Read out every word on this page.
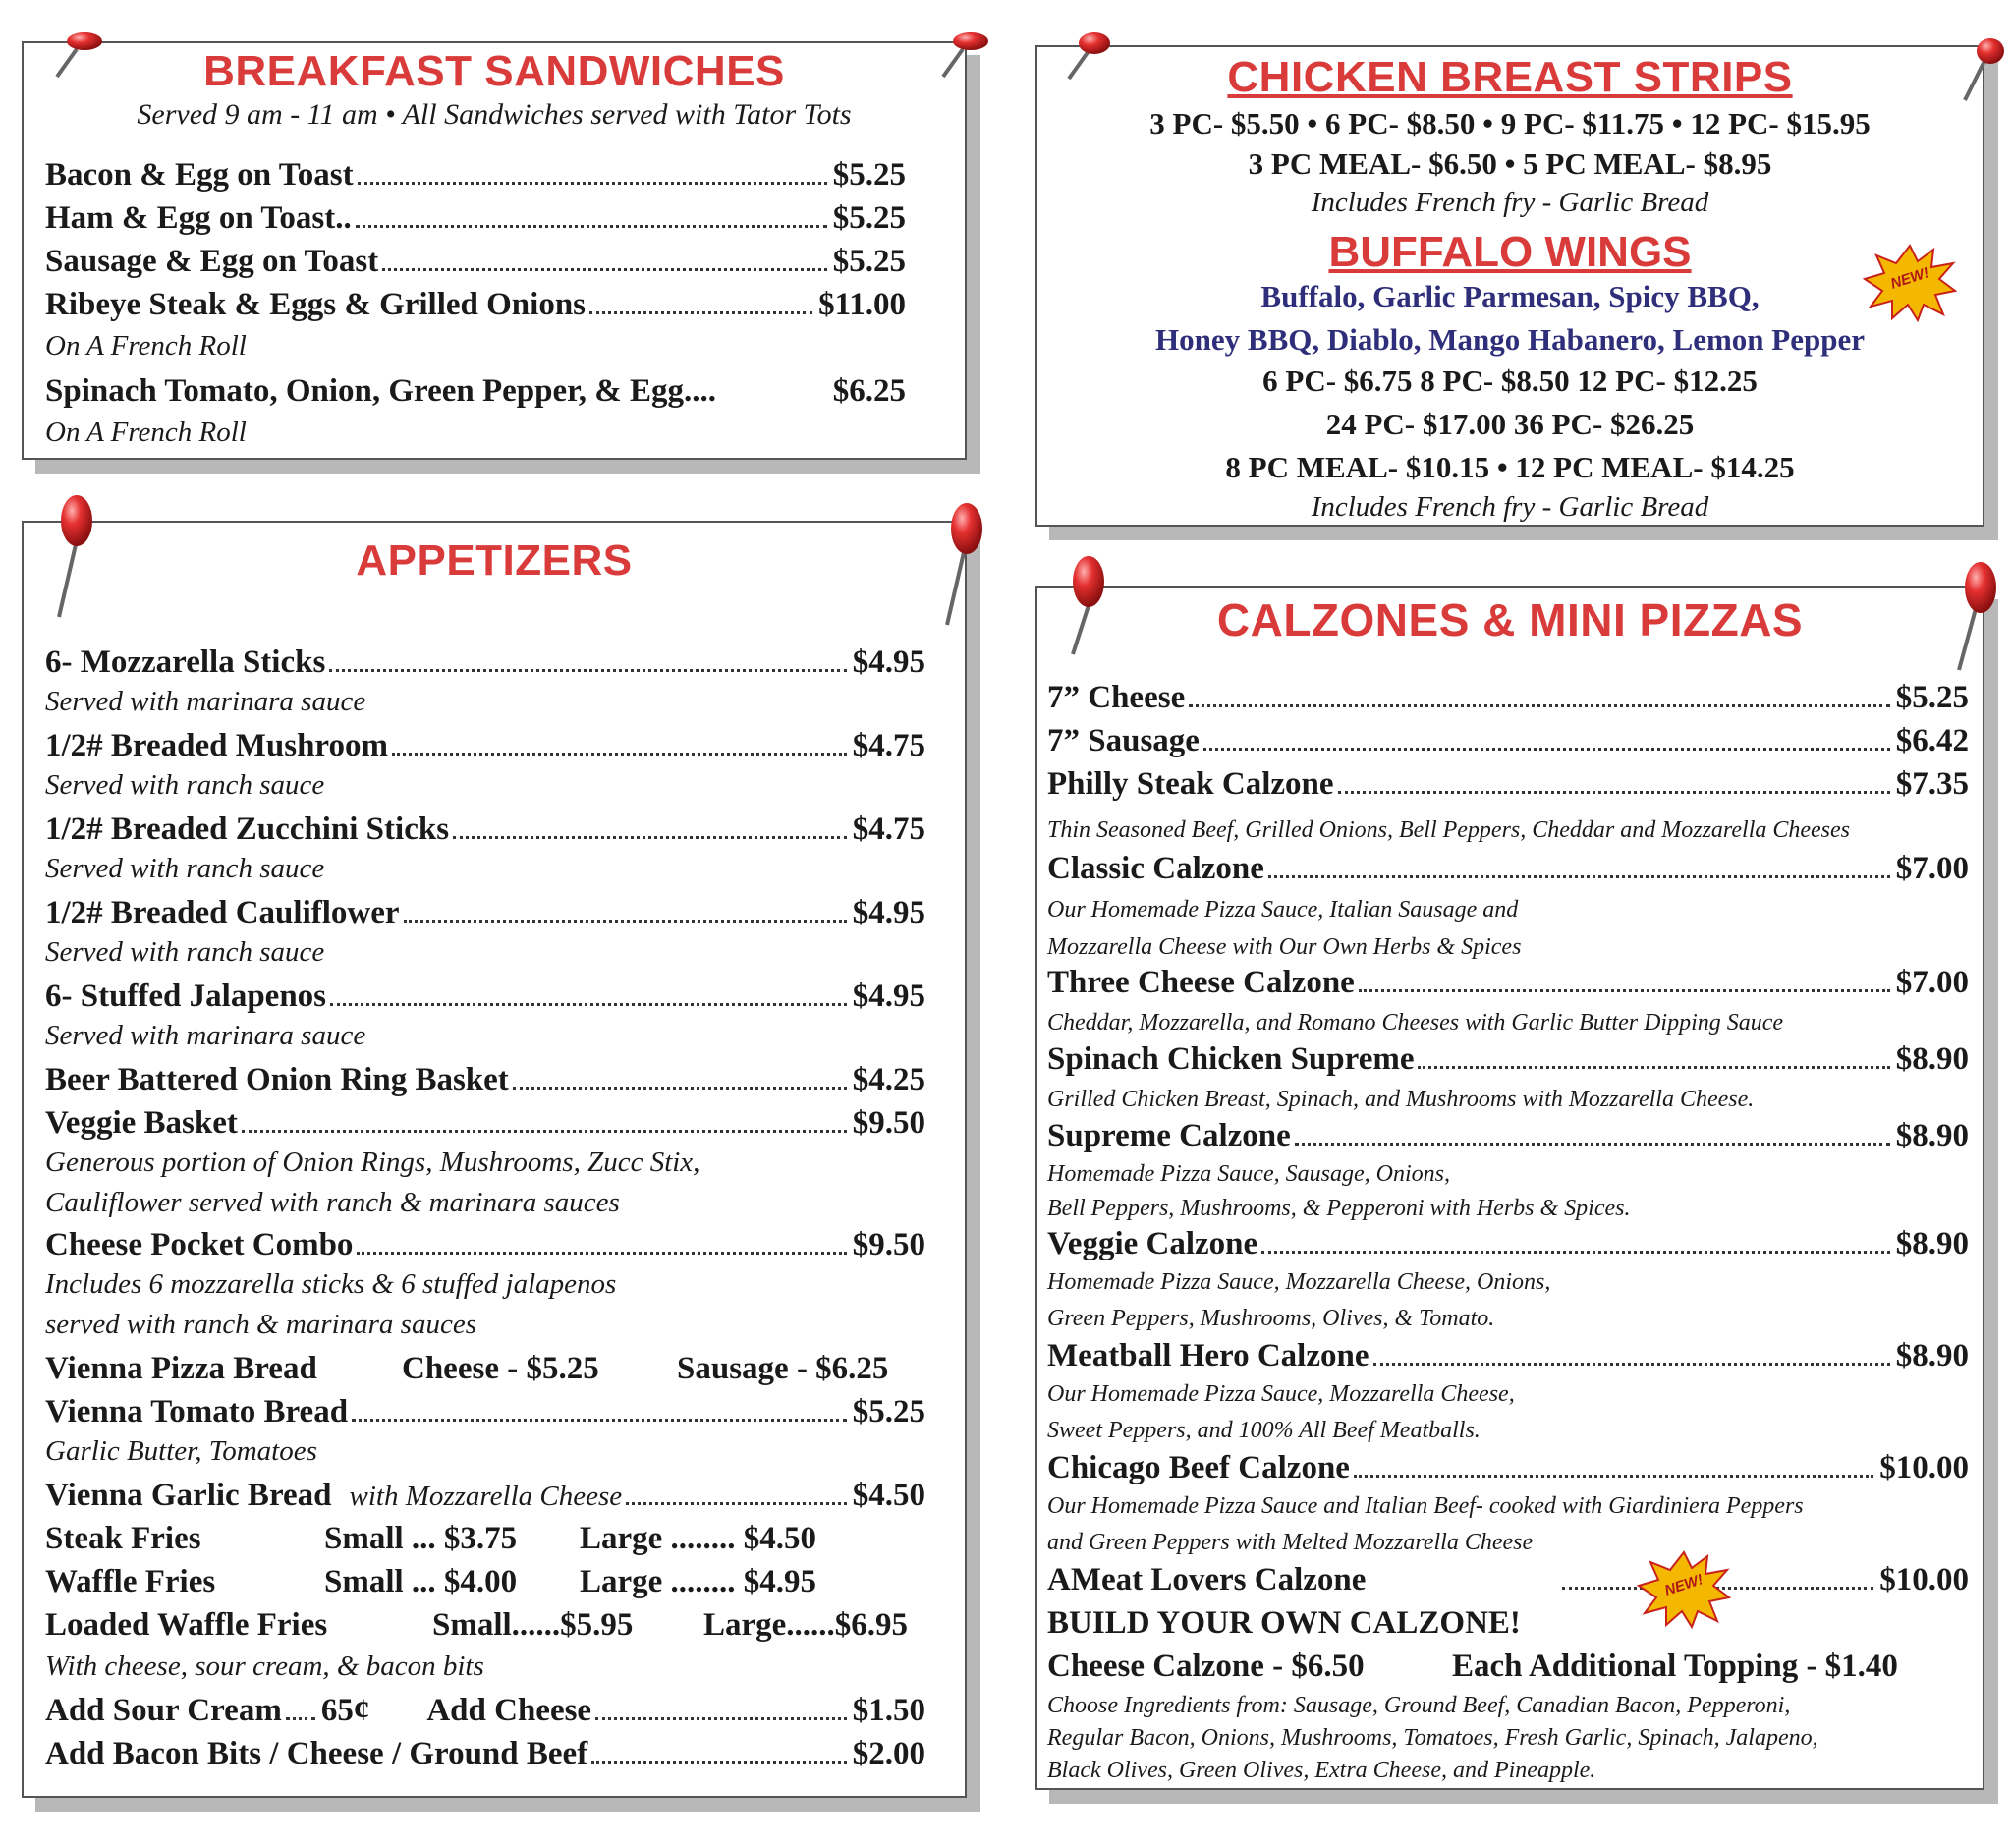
BREAKFAST SANDWICHES
Served 9 am - 11 am • All Sandwiches served with Tator Tots
Bacon & Egg on Toast	$5.25
Ham & Egg on Toast..	$5.25
Sausage & Egg on Toast	$5.25
Ribeye Steak & Eggs & Grilled Onions	$11.00
On A French Roll
Spinach Tomato, Onion, Green Pepper, & Egg....	$6.25
On A French Roll
APPETIZERS
6- Mozzarella Sticks	$4.95
Served with marinara sauce
1/2# Breaded Mushroom	$4.75
Served with ranch sauce
1/2# Breaded Zucchini Sticks	$4.75
Served with ranch sauce
1/2# Breaded Cauliflower	$4.95
Served with ranch sauce
6- Stuffed Jalapenos	$4.95
Served with marinara sauce
Beer Battered Onion Ring Basket	$4.25
Veggie Basket	$9.50
Generous portion of Onion Rings, Mushrooms, Zucc Stix,
Cauliflower served with ranch & marinara sauces
Cheese Pocket Combo	$9.50
Includes 6 mozzarella sticks & 6 stuffed jalapenos
served with ranch & marinara sauces
Vienna Pizza Bread	Cheese - $5.25	Sausage - $6.25
Vienna Tomato Bread	$5.25
Garlic Butter, Tomatoes
Vienna Garlic Bread with Mozzarella Cheese	$4.50
Steak Fries	Small ... $3.75	Large ........ $4.50
Waffle Fries	Small ... $4.00	Large ........ $4.95
Loaded Waffle Fries	Small......$5.95	Large......$6.95
With cheese, sour cream, & bacon bits
Add Sour Cream 65¢ Add Cheese	$1.50
Add Bacon Bits / Cheese / Ground Beef	$2.00
CHICKEN BREAST STRIPS
3 PC- $5.50 • 6 PC- $8.50 • 9 PC- $11.75 • 12 PC- $15.95
3 PC MEAL- $6.50 • 5 PC MEAL- $8.95
Includes French fry - Garlic Bread
BUFFALO WINGS
Buffalo, Garlic Parmesan, Spicy BBQ,
Honey BBQ, Diablo, Mango Habanero, Lemon Pepper
6 PC- $6.75 8 PC- $8.50 12 PC- $12.25
24 PC- $17.00 36 PC- $26.25
8 PC MEAL- $10.15 • 12 PC MEAL- $14.25
Includes French fry - Garlic Bread
NEW!
CALZONES & MINI PIZZAS
7” Cheese	$5.25
7” Sausage	$6.42
Philly Steak Calzone	$7.35
Thin Seasoned Beef, Grilled Onions, Bell Peppers, Cheddar and Mozzarella Cheeses
Classic Calzone	$7.00
Our Homemade Pizza Sauce, Italian Sausage and
Mozzarella Cheese with Our Own Herbs & Spices
Three Cheese Calzone	$7.00
Cheddar, Mozzarella, and Romano Cheeses with Garlic Butter Dipping Sauce
Spinach Chicken Supreme	$8.90
Grilled Chicken Breast, Spinach, and Mushrooms with Mozzarella Cheese.
Supreme Calzone	$8.90
Homemade Pizza Sauce, Sausage, Onions,
Bell Peppers, Mushrooms, & Pepperoni with Herbs & Spices.
Veggie Calzone	$8.90
Homemade Pizza Sauce, Mozzarella Cheese, Onions,
Green Peppers, Mushrooms, Olives, & Tomato.
Meatball Hero Calzone	$8.90
Our Homemade Pizza Sauce, Mozzarella Cheese,
Sweet Peppers, and 100% All Beef Meatballs.
Chicago Beef Calzone	$10.00
Our Homemade Pizza Sauce and Italian Beef- cooked with Giardiniera Peppers
and Green Peppers with Melted Mozzarella Cheese
AMeat Lovers Calzone	$10.00
BUILD YOUR OWN CALZONE!
Cheese Calzone - $6.50	Each Additional Topping - $1.40
Choose Ingredients from: Sausage, Ground Beef, Canadian Bacon, Pepperoni,
Regular Bacon, Onions, Mushrooms, Tomatoes, Fresh Garlic, Spinach, Jalapeno,
Black Olives, Green Olives, Extra Cheese, and Pineapple.
NEW!
